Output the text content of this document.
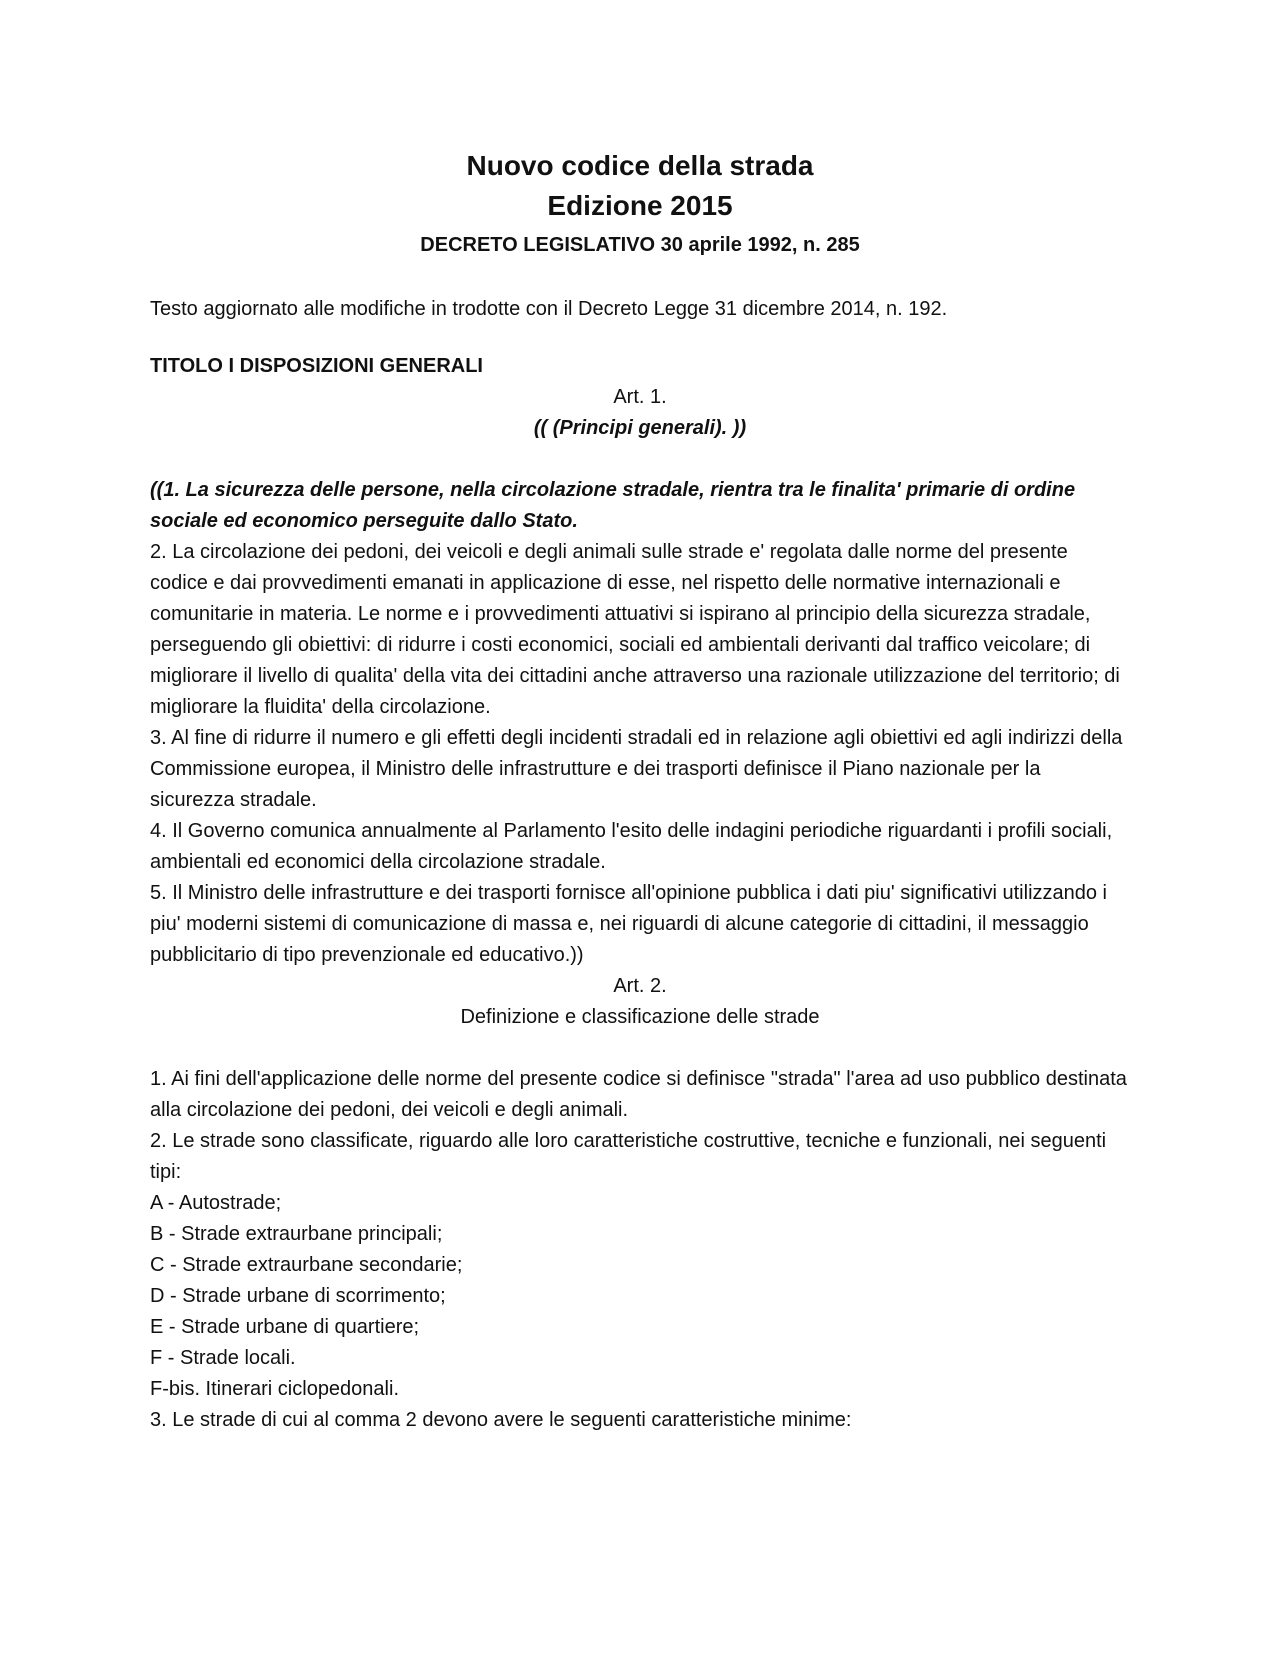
Nuovo codice della strada

Edizione 2015

DECRETO LEGISLATIVO 30 aprile 1992, n. 285

Testo aggiornato alle modifiche in trodotte con il Decreto Legge 31 dicembre 2014, n. 192.

TITOLO I DISPOSIZIONI GENERALI

Art. 1.

(( (Principi generali). ))

((1. La sicurezza delle persone, nella circolazione stradale, rientra tra le finalita' primarie di ordine sociale ed economico perseguite dallo Stato.

2. La circolazione dei pedoni, dei veicoli e degli animali sulle strade e' regolata dalle norme del presente codice e dai provvedimenti emanati in applicazione di esse, nel rispetto delle normative internazionali e comunitarie in materia. Le norme e i provvedimenti attuativi si ispirano al principio della sicurezza stradale, perseguendo gli obiettivi: di ridurre i costi economici, sociali ed ambientali derivanti dal traffico veicolare; di migliorare il livello di qualita' della vita dei cittadini anche attraverso una razionale utilizzazione del territorio; di migliorare la fluidita' della circolazione.

3. Al fine di ridurre il numero e gli effetti degli incidenti stradali ed in relazione agli obiettivi ed agli indirizzi della Commissione europea, il Ministro delle infrastrutture e dei trasporti definisce il Piano nazionale per la sicurezza stradale.

4. Il Governo comunica annualmente al Parlamento l'esito delle indagini periodiche riguardanti i profili sociali, ambientali ed economici della circolazione stradale.

5. Il Ministro delle infrastrutture e dei trasporti fornisce all'opinione pubblica i dati piu' significativi utilizzando i piu' moderni sistemi di comunicazione di massa e, nei riguardi di alcune categorie di cittadini, il messaggio pubblicitario di tipo prevenzionale ed educativo.))

Art. 2.

Definizione e classificazione delle strade

1. Ai fini dell'applicazione delle norme del presente codice si definisce "strada" l'area ad uso pubblico destinata alla circolazione dei pedoni, dei veicoli e degli animali.

2. Le strade sono classificate, riguardo alle loro caratteristiche costruttive, tecniche e funzionali, nei seguenti tipi:

A - Autostrade;

B - Strade extraurbane principali;

C - Strade extraurbane secondarie;

D - Strade urbane di scorrimento;

E - Strade urbane di quartiere;

F - Strade locali.

F-bis. Itinerari ciclopedonali.

3. Le strade di cui al comma 2 devono avere le seguenti caratteristiche minime:
